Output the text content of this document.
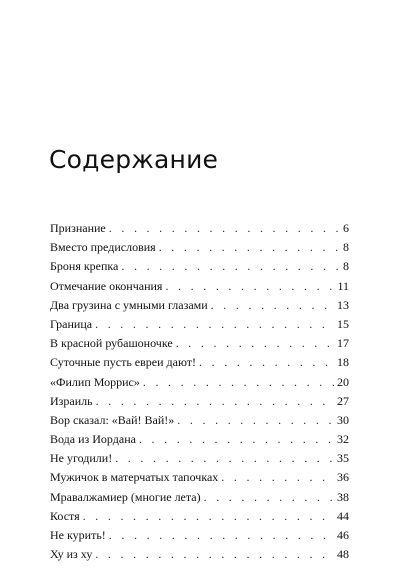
Содержание
Признание . . .	6
Вместо предисловия . . .	8
Броня крепка . . .	8
Отмечание окончания . . .	11
Два грузина с умными глазами . . .	13
Граница . . .	15
В красной рубашоночке . . .	17
Суточные пусть евреи дают! . . .	18
«Филип Моррис» . . .	20
Израиль . . .	27
Вор сказал: «Вай! Вай!» . . .	30
Вода из Иордана . . .	32
Не угодили! . . .	35
Мужичок в матерчатых тапочках . . .	36
Мравалжамиер (многие лета) . . .	38
Костя . . .	44
Не курить! . . .	46
Ху из ху . . .	48
